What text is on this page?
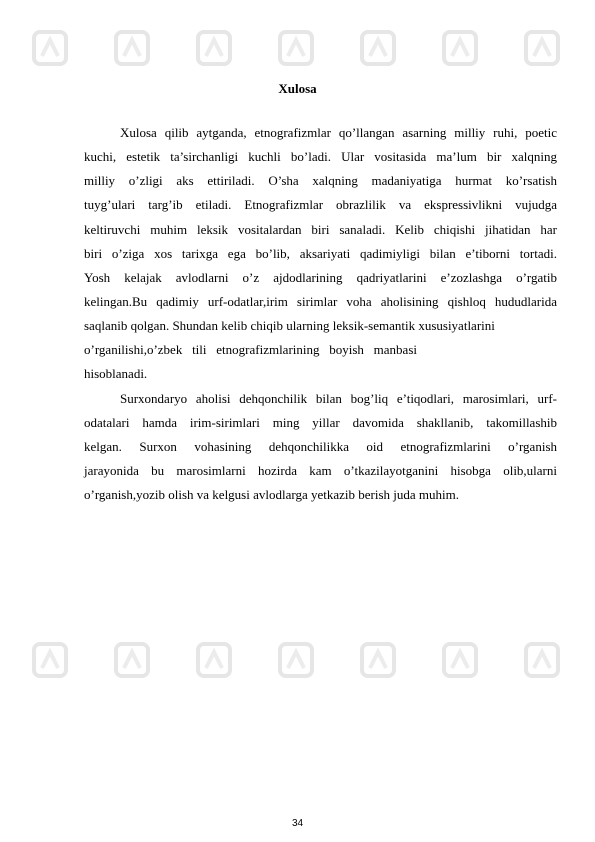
Xulosa
Xulosa qilib aytganda, etnografizmlar qo’llangan asarning milliy ruhi, poetic
kuchi, estetik ta’sirchanligi kuchli bo’ladi. Ular vositasida ma’lum bir xalqning
milliy o’zligi aks ettiriladi. O’sha xalqning madaniyatiga hurmat ko’rsatish
tuyg’ulari targ’ib etiladi. Etnografizmlar obrazlilik va ekspressivlikni vujudga
keltiruvchi muhim leksik vositalardan biri sanaladi. Kelib chiqishi jihatidan har
biri o’ziga xos tarixga ega bo’lib, aksariyati qadimiyligi bilan e’tiborni tortadi.
Yosh kelajak avlodlarni o’z ajdodlarining qadriyatlarini e’zozlashga o’rgatib
kelingan.Bu qadimiy urf-odatlar,irim sirimlar voha aholisining qishloq hududlarida
saqlanib qolgan. Shundan kelib chiqib ularning leksik-semantik xususiyatlarini
o’rganilishi,o’zbek   tili   etnografizmlarining   boyish   manbasi
hisoblanadi.
Surxondaryo aholisi dehqonchilik bilan bog’liq e’tiqodlari, marosimlari, urf-
odatalari hamda irim-sirimlari ming yillar davomida shakllanib, takomillashib
kelgan. Surxon vohasining dehqonchilikka oid etnografizmlarini o’rganish
jarayonida bu marosimlarni hozirda kam o’tkazilayotganini hisobga olib,ularni
o’rganish,yozib olish va kelgusi avlodlarga yetkazib berish juda muhim.
34
